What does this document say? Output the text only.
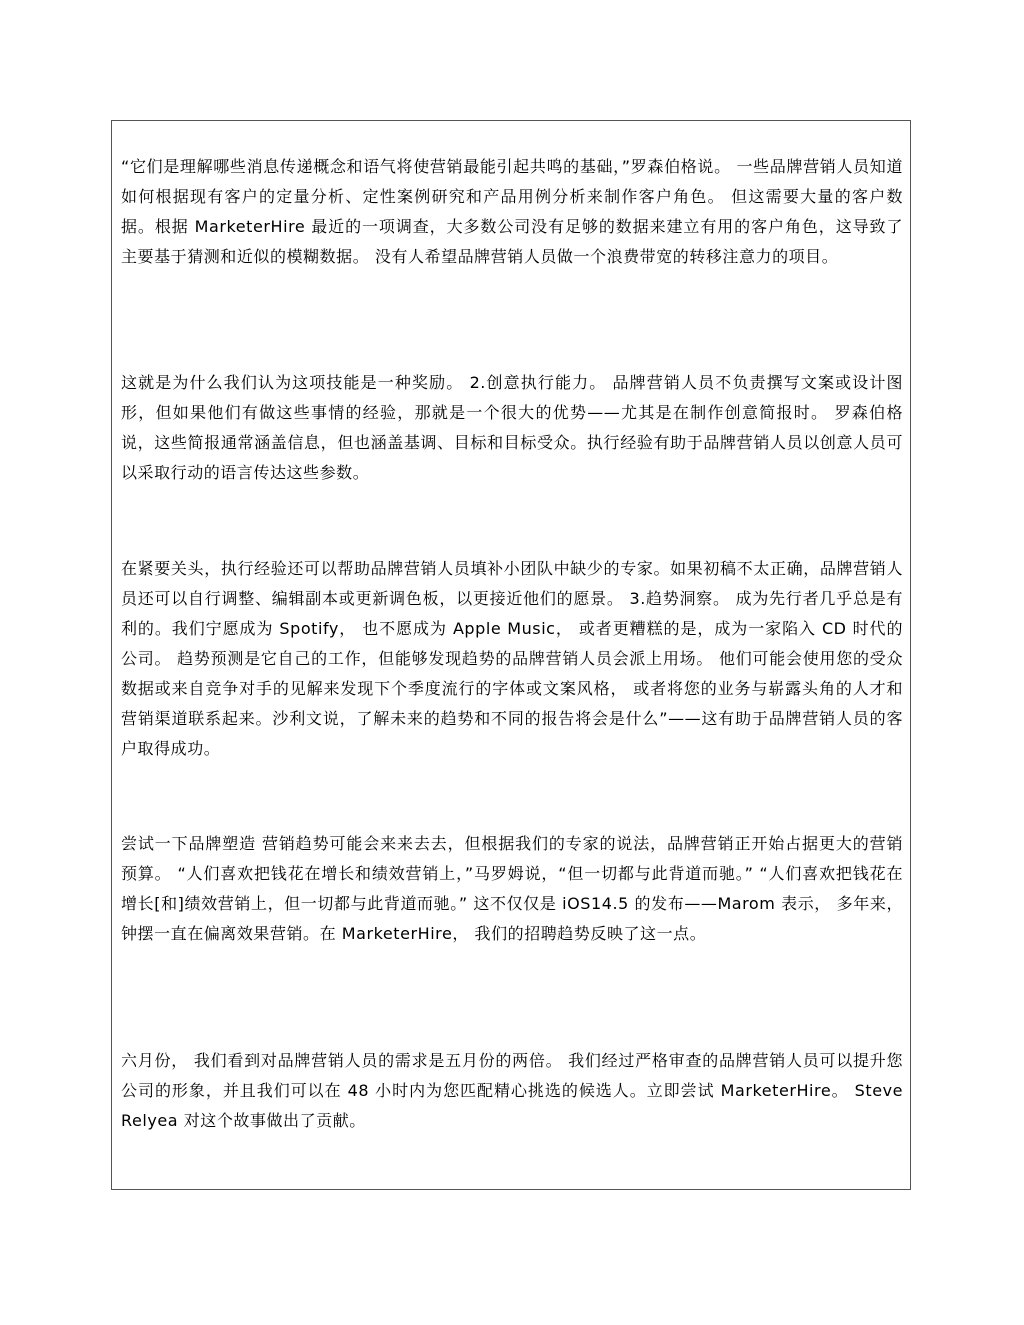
“它们是理解哪些消息传递概念和语气将使营销最能引起共鸣的基础，”罗森伯格说。 一些品牌营销人员知道如何根据现有客户的定量分析、定性案例研究和产品用例分析来制作客户角色。 但这需要大量的客户数据。根据 MarketerHire 最近的一项调查，大多数公司没有足够的数据来建立有用的客户角色，这导致了主要基于猜测和近似的模糊数据。 没有人希望品牌营销人员做一个浪费带宽的转移注意力的项目。

这就是为什么我们认为这项技能是一种奖励。 2.创意执行能力。 品牌营销人员不负责撰写文案或设计图形，但如果他们有做这些事情的经验，那就是一个很大的优势——尤其是在制作创意简报时。 罗森伯格说，这些简报通常涵盖信息，但也涵盖基调、目标和目标受众。执行经验有助于品牌营销人员以创意人员可以采取行动的语言传达这些参数。

在紧要关头，执行经验还可以帮助品牌营销人员填补小团队中缺少的专家。如果初稿不太正确，品牌营销人员还可以自行调整、编辑副本或更新调色板，以更接近他们的愿景。 3.趋势洞察。 成为先行者几乎总是有利的。我们宁愿成为 Spotify， 也不愿成为 Apple Music， 或者更糟糕的是，成为一家陷入 CD 时代的公司。 趋势预测是它自己的工作，但能够发现趋势的品牌营销人员会派上用场。 他们可能会使用您的受众数据或来自竞争对手的见解来发现下个季度流行的字体或文案风格， 或者将您的业务与崭露头角的人才和营销渠道联系起来。沙利文说，了解未来的趋势和不同的报告将会是什么”——这有助于品牌营销人员的客户取得成功。

尝试一下品牌塑造 营销趋势可能会来来去去，但根据我们的专家的说法，品牌营销正开始占据更大的营销预算。 “人们喜欢把钱花在增长和绩效营销上，”马罗姆说，“但一切都与此背道而驰。” “人们喜欢把钱花在增长[和]绩效营销上，但一切都与此背道而驰。” 这不仅仅是 iOS14.5 的发布——Marom 表示， 多年来， 钟摆一直在偏离效果营销。在 MarketerHire， 我们的招聘趋势反映了这一点。

六月份， 我们看到对品牌营销人员的需求是五月份的两倍。 我们经过严格审查的品牌营销人员可以提升您公司的形象，并且我们可以在 48 小时内为您匹配精心挑选的候选人。立即尝试 MarketerHire。 Steve Relyea 对这个故事做出了贡献。
